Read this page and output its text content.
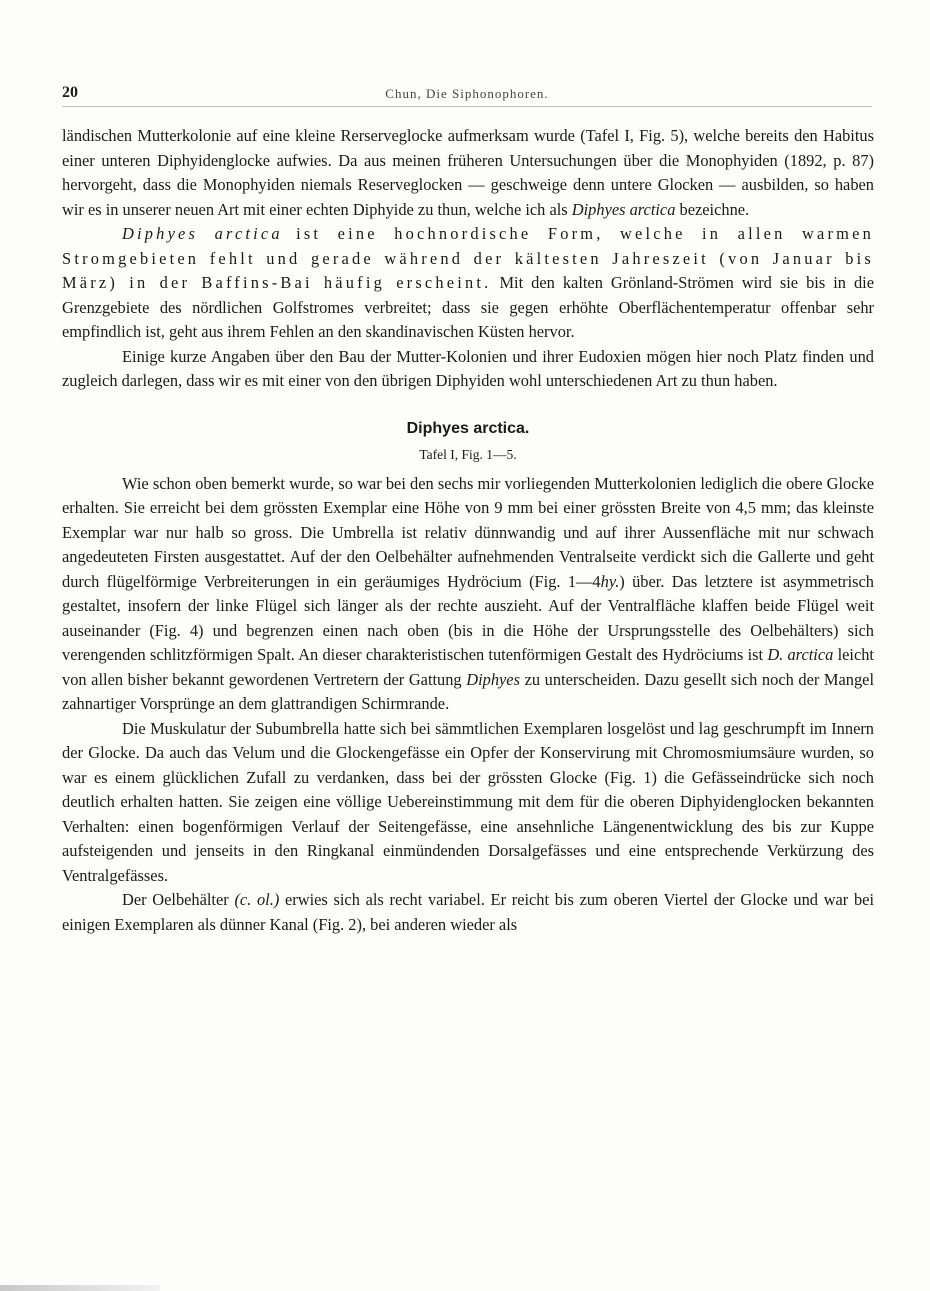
20	Chun, Die Siphonophoren.

ländischen Mutterkolonie auf eine kleine Rerserveglocke aufmerksam wurde (Tafel I, Fig. 5), welche bereits den Habitus einer unteren Diphyidenglocke aufwies. Da aus meinen früheren Untersuchungen über die Monophyiden (1892, p. 87) hervorgeht, dass die Monophyiden niemals Reserveglocken — geschweige denn untere Glocken — ausbilden, so haben wir es in unserer neuen Art mit einer echten Diphyide zu thun, welche ich als Diphyes arctica bezeichne.

Diphyes arctica ist eine hochnordische Form, welche in allen warmen Stromgebieten fehlt und gerade während der kältesten Jahreszeit (von Januar bis März) in der Baffins-Bai häufig erscheint. Mit den kalten Grönland-Strömen wird sie bis in die Grenzgebiete des nördlichen Golfstromes verbreitet; dass sie gegen erhöhte Oberflächentemperatur offenbar sehr empfindlich ist, geht aus ihrem Fehlen an den skandinavischen Küsten hervor.

Einige kurze Angaben über den Bau der Mutter-Kolonien und ihrer Eudoxien mögen hier noch Platz finden und zugleich darlegen, dass wir es mit einer von den übrigen Diphyiden wohl unterschiedenen Art zu thun haben.

Diphyes arctica.
Tafel I, Fig. 1—5.

Wie schon oben bemerkt wurde, so war bei den sechs mir vorliegenden Mutterkolonien lediglich die obere Glocke erhalten. Sie erreicht bei dem grössten Exemplar eine Höhe von 9 mm bei einer grössten Breite von 4,5 mm; das kleinste Exemplar war nur halb so gross. Die Umbrella ist relativ dünnwandig und auf ihrer Aussenfläche mit nur schwach angedeuteten Firsten ausgestattet. Auf der den Oelbehälter aufnehmenden Ventralseite verdickt sich die Gallerte und geht durch flügelförmige Verbreiterungen in ein geräumiges Hydröcium (Fig. 1—4hy.) über. Das letztere ist asymmetrisch gestaltet, insofern der linke Flügel sich länger als der rechte auszieht. Auf der Ventralfläche klaffen beide Flügel weit auseinander (Fig. 4) und begrenzen einen nach oben (bis in die Höhe der Ursprungsstelle des Oelbehälters) sich verengenden schlitzförmigen Spalt. An dieser charakteristischen tutenförmigen Gestalt des Hydröciums ist D. arctica leicht von allen bisher bekannt gewordenen Vertretern der Gattung Diphyes zu unterscheiden. Dazu gesellt sich noch der Mangel zahnartiger Vorsprünge an dem glattrandigen Schirmrande.

Die Muskulatur der Subumbrella hatte sich bei sämmtlichen Exemplaren losgelöst und lag geschrumpft im Innern der Glocke. Da auch das Velum und die Glockengefässe ein Opfer der Konservirung mit Chromosmiumsäure wurden, so war es einem glücklichen Zufall zu verdanken, dass bei der grössten Glocke (Fig. 1) die Gefässeindrücke sich noch deutlich erhalten hatten. Sie zeigen eine völlige Uebereinstimmung mit dem für die oberen Diphyidenglocken bekannten Verhalten: einen bogenförmigen Verlauf der Seitengefässe, eine ansehnliche Längenentwicklung des bis zur Kuppe aufsteigenden und jenseits in den Ringkanal einmündenden Dorsalgefässes und eine entsprechende Verkürzung des Ventralgefässes.

Der Oelbehälter (c. ol.) erwies sich als recht variabel. Er reicht bis zum oberen Viertel der Glocke und war bei einigen Exemplaren als dünner Kanal (Fig. 2), bei anderen wieder als
